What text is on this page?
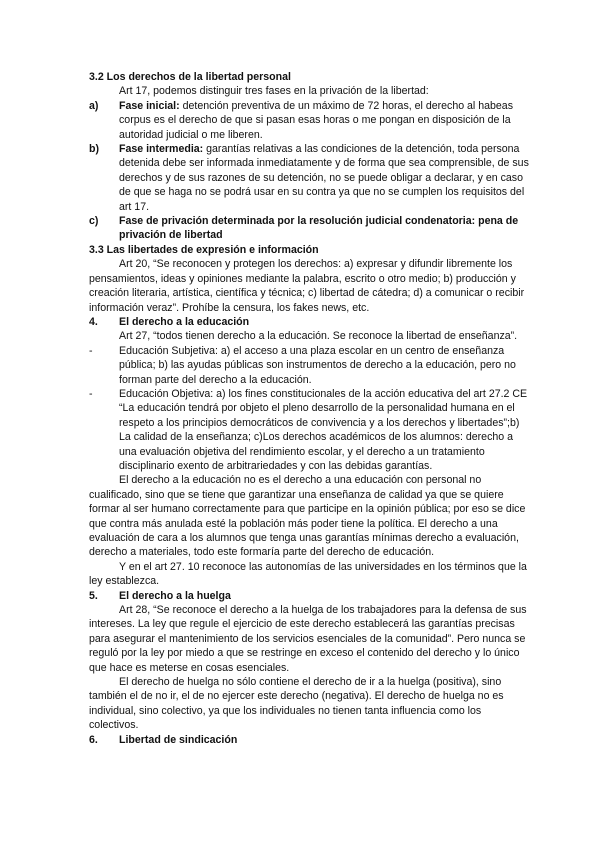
3.2 Los derechos de la libertad personal
Art 17, podemos distinguir tres fases en la privación de la libertad:
a) Fase inicial: detención preventiva de un máximo de 72 horas, el derecho al habeas corpus es el derecho de que si pasan esas horas o me pongan en disposición de la autoridad judicial o me liberen.
b) Fase intermedia: garantías relativas a las condiciones de la detención, toda persona detenida debe ser informada inmediatamente y de forma que sea comprensible, de sus derechos y de sus razones de su detención, no se puede obligar a declarar, y en caso de que se haga no se podrá usar en su contra ya que no se cumplen los requisitos del art 17.
c) Fase de privación determinada por la resolución judicial condenatoria: pena de privación de libertad
3.3 Las libertades de expresión e información
Art 20, “Se reconocen y protegen los derechos: a) expresar y difundir libremente los pensamientos, ideas y opiniones mediante la palabra, escrito o otro medio; b) producción y creación literaria, artística, científica y técnica; c) libertad de cátedra; d) a comunicar o recibir información veraz”. Prohíbe la censura, los fakes news, etc.
4. El derecho a la educación
Art 27, “todos tienen derecho a la educación. Se reconoce la libertad de enseñanza”.
- Educación Subjetiva: a) el acceso a una plaza escolar en un centro de enseñanza pública; b) las ayudas públicas son instrumentos de derecho a la educación, pero no forman parte del derecho a la educación.
- Educación Objetiva: a) los fines constitucionales de la acción educativa del art 27.2 CE “La educación tendrá por objeto el pleno desarrollo de la personalidad humana en el respeto a los principios democráticos de convivencia y a los derechos y libertades”;b) La calidad de la enseñanza; c)Los derechos académicos de los alumnos: derecho a una evaluación objetiva del rendimiento escolar, y el derecho a un tratamiento disciplinario exento de arbitrariedades y con las debidas garantías.
El derecho a la educación no es el derecho a una educación con personal no cualificado, sino que se tiene que garantizar una enseñanza de calidad ya que se quiere formar al ser humano correctamente para que participe en la opinión pública; por eso se dice que contra más anulada esté la población más poder tiene la política. El derecho a una evaluación de cara a los alumnos que tenga unas garantías mínimas derecho a evaluación, derecho a materiales, todo este formaría parte del derecho de educación.
Y en el art 27. 10 reconoce las autonomías de las universidades en los términos que la ley establezca.
5. El derecho a la huelga
Art 28, “Se reconoce el derecho a la huelga de los trabajadores para la defensa de sus intereses. La ley que regule el ejercicio de este derecho establecerá las garantías precisas para asegurar el mantenimiento de los servicios esenciales de la comunidad”. Pero nunca se reguló por la ley por miedo a que se restringe en exceso el contenido del derecho y lo único que hace es meterse en cosas esenciales.
El derecho de huelga no sólo contiene el derecho de ir a la huelga (positiva), sino también el de no ir, el de no ejercer este derecho (negativa). El derecho de huelga no es individual, sino colectivo, ya que los individuales no tienen tanta influencia como los colectivos.
6. Libertad de sindicación
